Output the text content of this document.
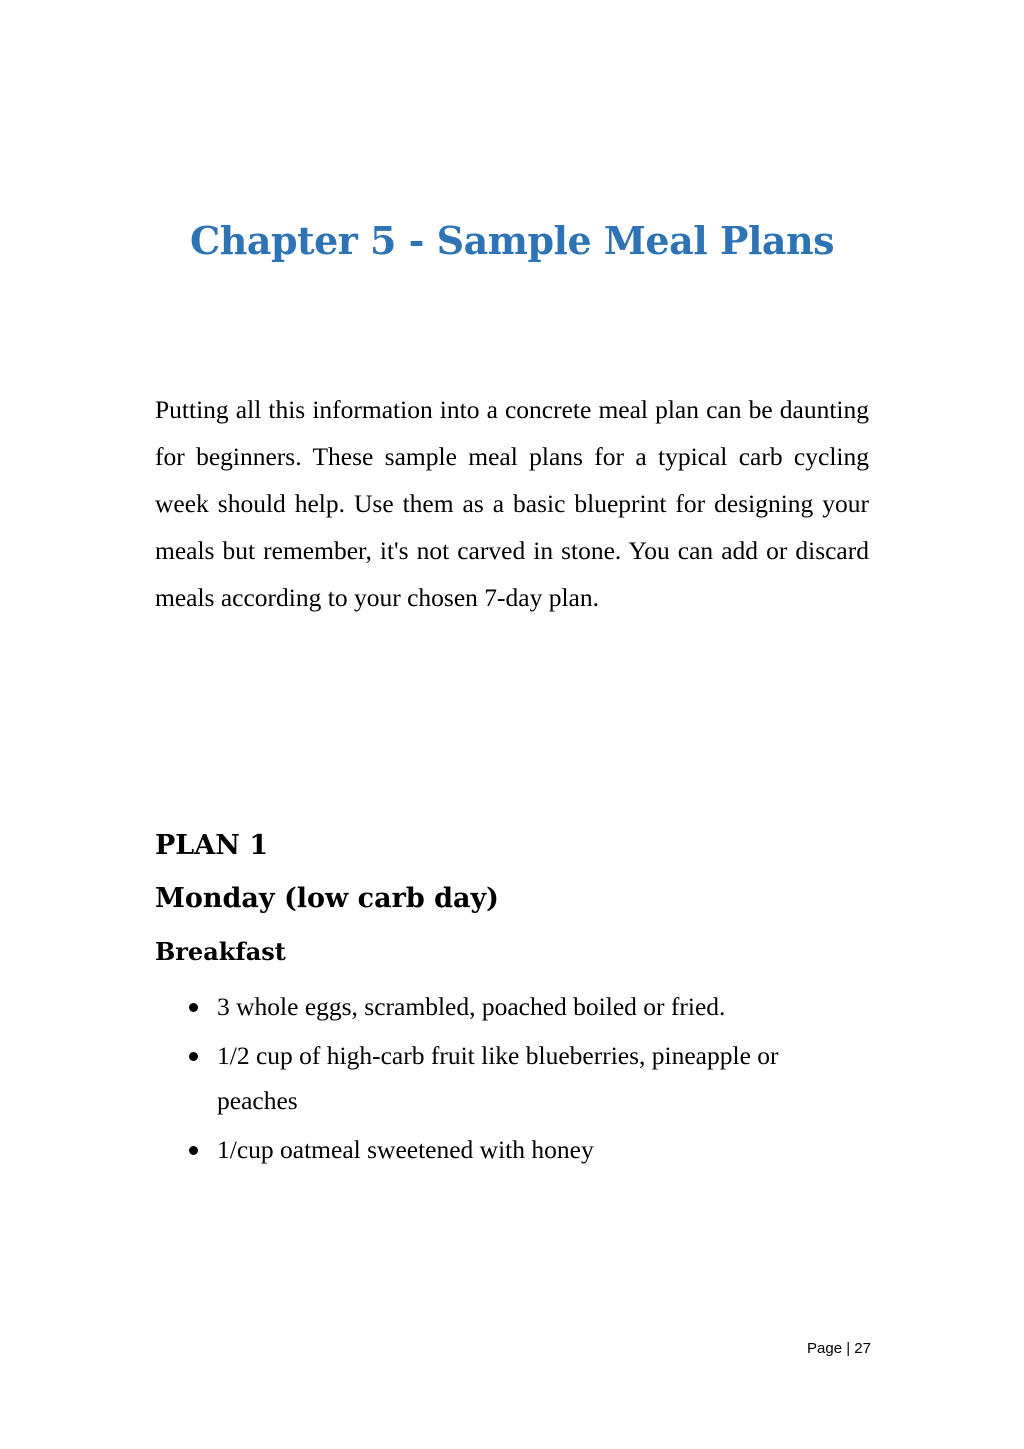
Chapter 5 - Sample Meal Plans

Putting all this information into a concrete meal plan can be daunting for beginners. These sample meal plans for a typical carb cycling week should help. Use them as a basic blueprint for designing your meals but remember, it's not carved in stone. You can add or discard meals according to your chosen 7-day plan.

PLAN 1
Monday (low carb day)
Breakfast
3 whole eggs, scrambled, poached boiled or fried.
1/2 cup of high-carb fruit like blueberries, pineapple or peaches
1/cup oatmeal sweetened with honey
Page | 27
